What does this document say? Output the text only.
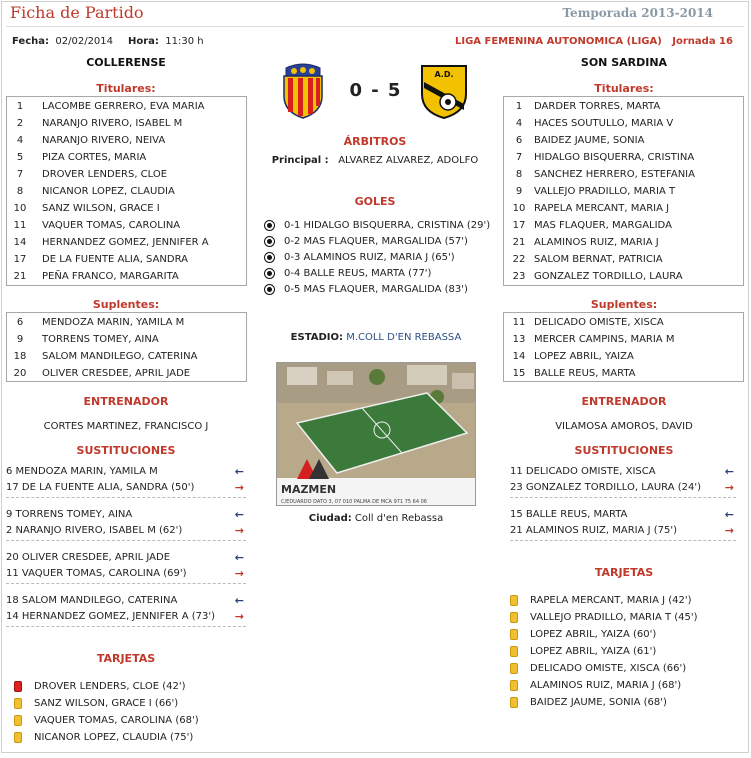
Ficha de Partido	Temporada 2013-2014
Fecha: 02/02/2014 Hora: 11:30 h	LIGA FEMENINA AUTONOMICA (LIGA) Jornada 16
COLLERENSE	SON SARDINA
Titulares:	Titulares:
1	LACOMBE GERRERO, EVA MARIA
2	NARANJO RIVERO, ISABEL M
4	NARANJO RIVERO, NEIVA
5	PIZA CORTES, MARIA
7	DROVER LENDERS, CLOE
8	NICANOR LOPEZ, CLAUDIA
10	SANZ WILSON, GRACE I
11	VAQUER TOMAS, CAROLINA
14	HERNANDEZ GOMEZ, JENNIFER A
17	DE LA FUENTE ALIA, SANDRA
21	PEÑA FRANCO, MARGARITA
1	DARDER TORRES, MARTA
4	HACES SOUTULLO, MARIA V
6	BAIDEZ JAUME, SONIA
7	HIDALGO BISQUERRA, CRISTINA
8	SANCHEZ HERRERO, ESTEFANIA
9	VALLEJO PRADILLO, MARIA T
10 RAPELA MERCANT, MARIA J
17 MAS FLAQUER, MARGALIDA
21 ALAMINOS RUIZ, MARIA J
22 SALOM BERNAT, PATRICIA
23 GONZALEZ TORDILLO, LAURA
Suplentes:	Suplentes:
6	MENDOZA MARIN, YAMILA M
9	TORRENS TOMEY, AINA
18	SALOM MANDILEGO, CATERINA
20	OLIVER CRESDEE, APRIL JADE
11 DELICADO OMISTE, XISCA
13 MERCER CAMPINS, MARIA M
14 LOPEZ ABRIL, YAIZA
15 BALLE REUS, MARTA
ENTRENADOR	ENTRENADOR
CORTES MARTINEZ, FRANCISCO J	VILAMOSA AMOROS, DAVID
SUSTITUCIONES	SUSTITUCIONES
6 MENDOZA MARIN, YAMILA M	←
17 DE LA FUENTE ALIA, SANDRA (50')	→
9 TORRENS TOMEY, AINA	←
2 NARANJO RIVERO, ISABEL M (62')	→
20 OLIVER CRESDEE, APRIL JADE	←
11 VAQUER TOMAS, CAROLINA (69')	→
18 SALOM MANDILEGO, CATERINA	←
14 HERNANDEZ GOMEZ, JENNIFER A (73') →
11 DELICADO OMISTE, XISCA	←
23 GONZALEZ TORDILLO, LAURA (24') →
15 BALLE REUS, MARTA	←
21 ALAMINOS RUIZ, MARIA J (75')	→
TARJETAS
TARJETAS
DROVER LENDERS, CLOE (42')
SANZ WILSON, GRACE I (66')
VAQUER TOMAS, CAROLINA (68')
NICANOR LOPEZ, CLAUDIA (75')
RAPELA MERCANT, MARIA J (42')
VALLEJO PRADILLO, MARIA T (45')
LOPEZ ABRIL, YAIZA (60')
LOPEZ ABRIL, YAIZA (61')
DELICADO OMISTE, XISCA (66')
ALAMINOS RUIZ, MARIA J (68')
BAIDEZ JAUME, SONIA (68')
0 - 5
A.D.
ÁRBITROS
Principal : ALVAREZ ALVAREZ, ADOLFO
GOLES
0-1 HIDALGO BISQUERRA, CRISTINA (29')
0-2 MAS FLAQUER, MARGALIDA (57')
0-3 ALAMINOS RUIZ, MARIA J (65')
0-4 BALLE REUS, MARTA (77')
0-5 MAS FLAQUER, MARGALIDA (83')
ESTADIO: M.COLL D'EN REBASSA
MAZMEN
C/EDUARDO DATO 3, 07 010 PALMA DE MCA 971 75 64 06
Ciudad: Coll d'en Rebassa
